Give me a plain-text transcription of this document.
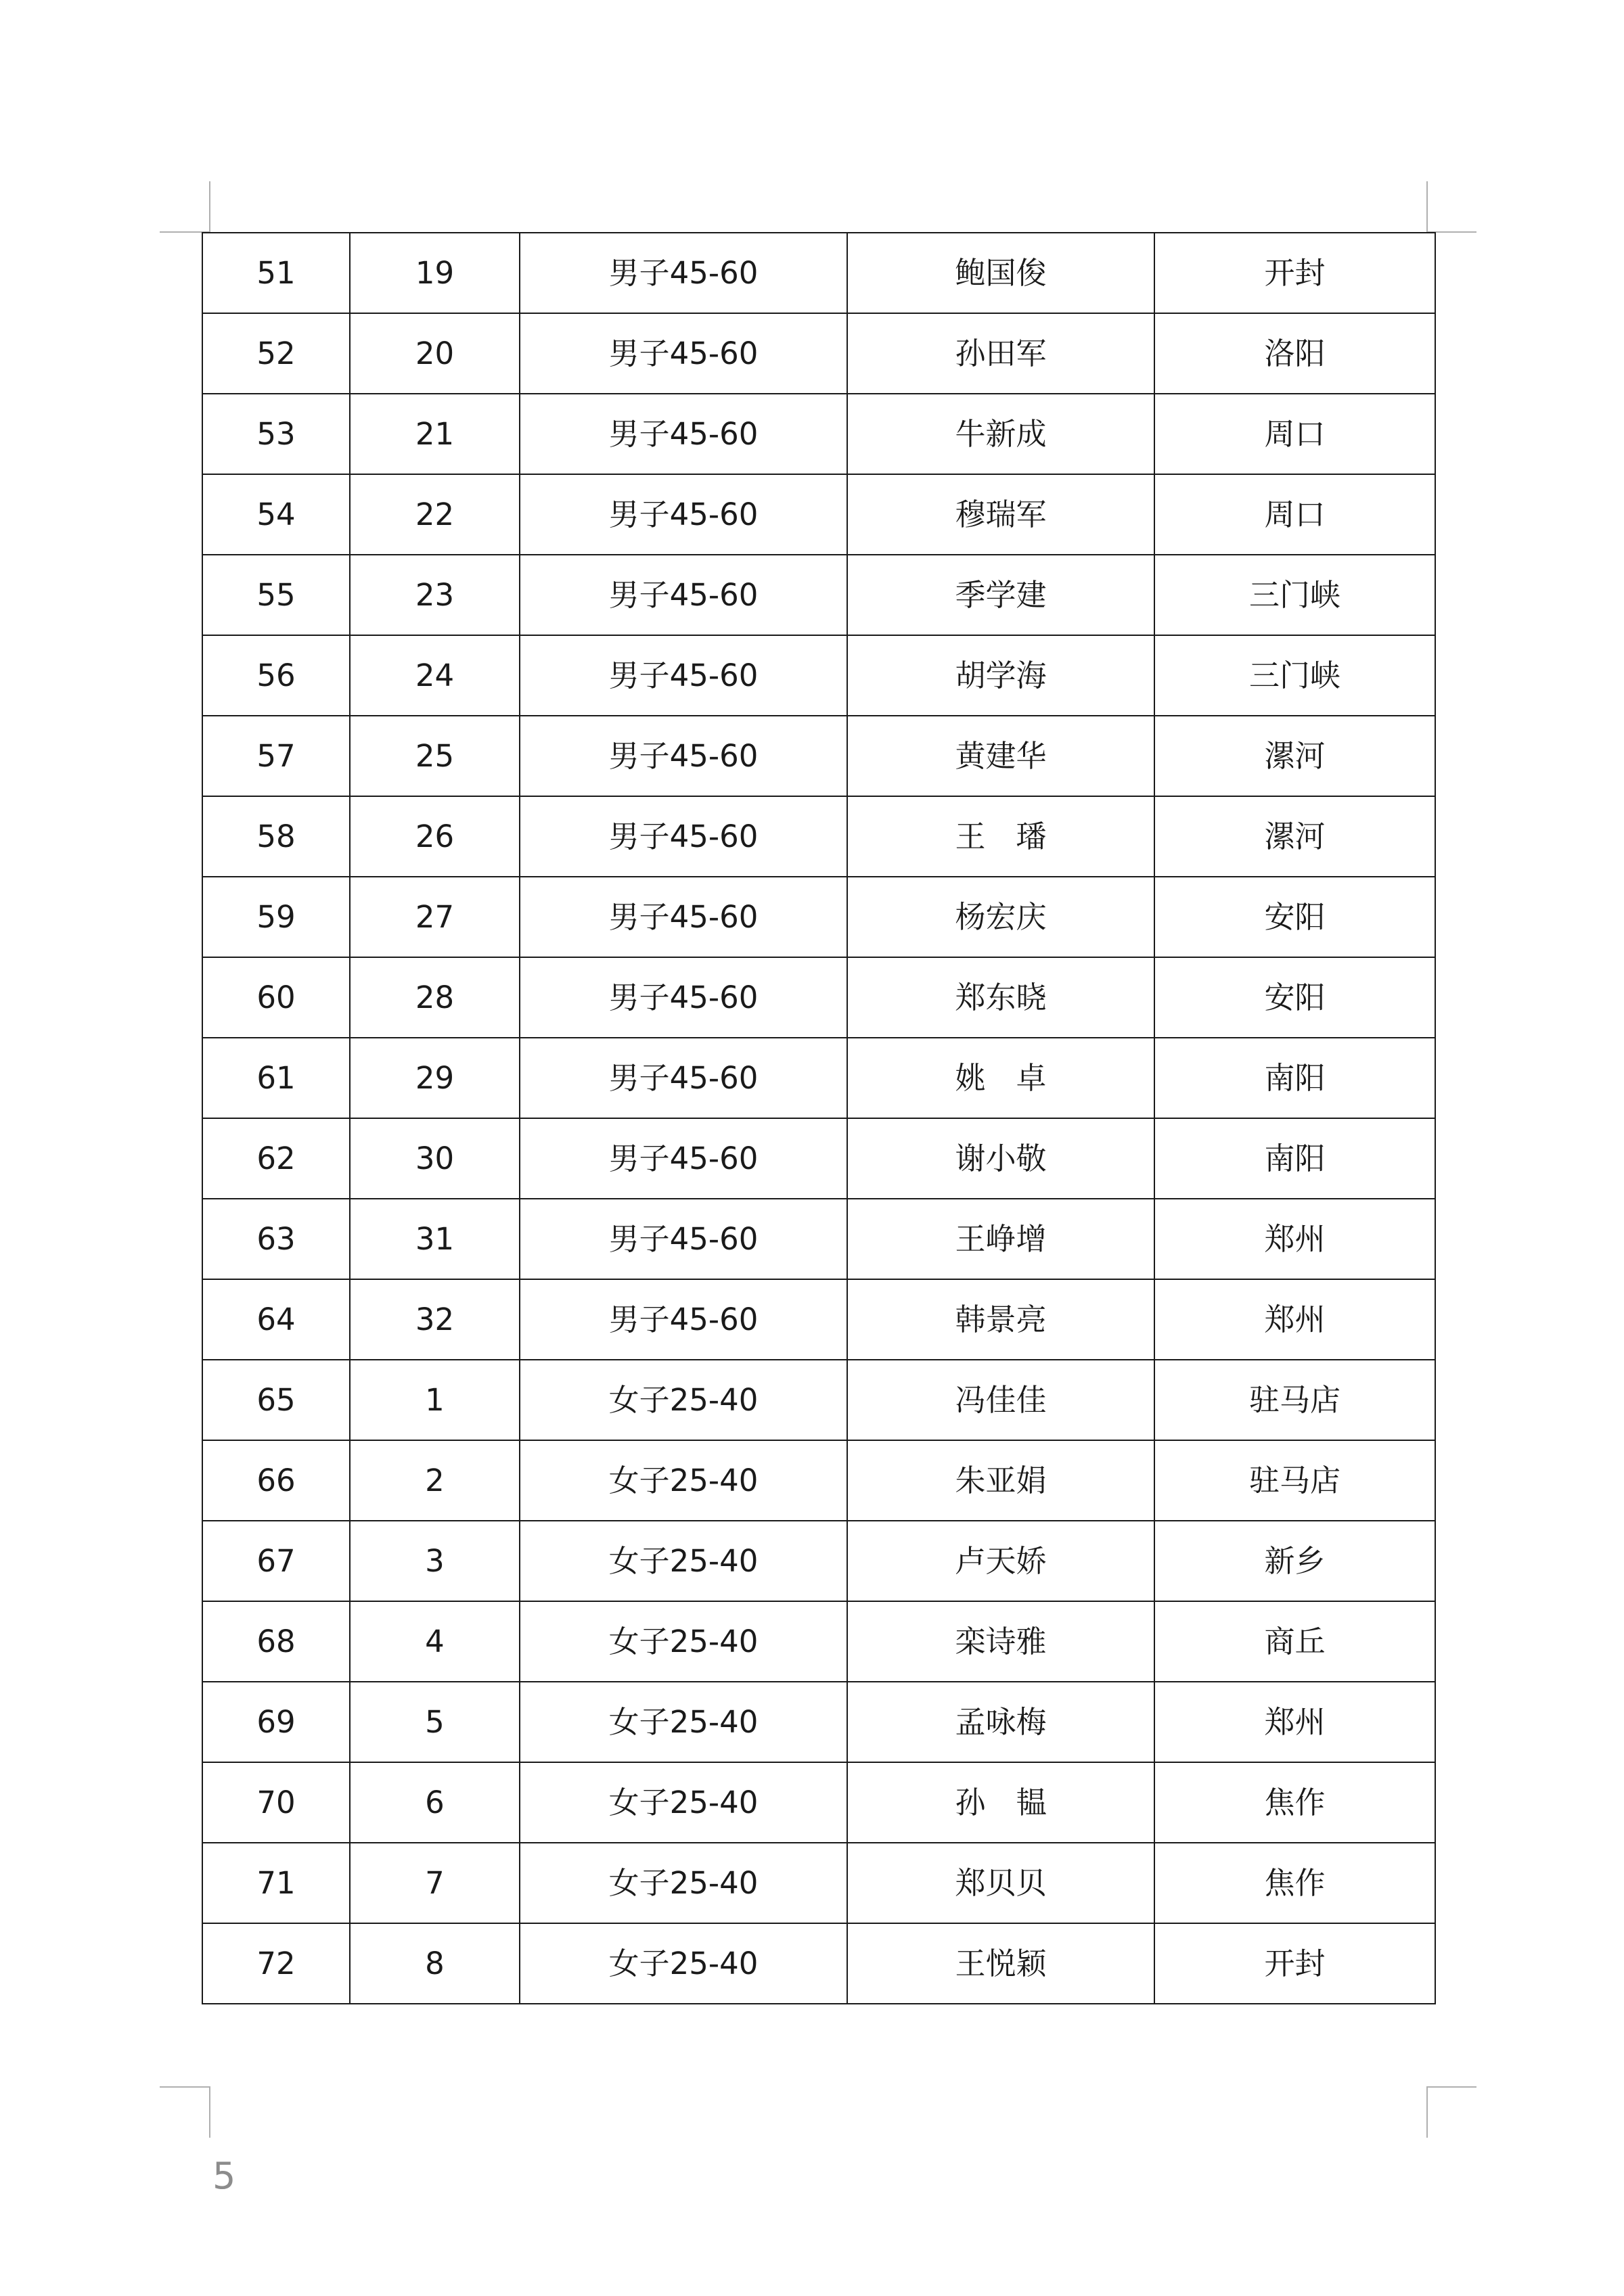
51	19	男子45-60	鲍国俊	开封
52	20	男子45-60	孙田军	洛阳
53	21	男子45-60	牛新成	周口
54	22	男子45-60	穆瑞军	周口
55	23	男子45-60	季学建	三门峡
56	24	男子45-60	胡学海	三门峡
57	25	男子45-60	黄建华	漯河
58	26	男子45-60	王　璠	漯河
59	27	男子45-60	杨宏庆	安阳
60	28	男子45-60	郑东晓	安阳
61	29	男子45-60	姚　卓	南阳
62	30	男子45-60	谢小敬	南阳
63	31	男子45-60	王峥增	郑州
64	32	男子45-60	韩景亮	郑州
65	1	女子25-40	冯佳佳	驻马店
66	2	女子25-40	朱亚娟	驻马店
67	3	女子25-40	卢天娇	新乡
68	4	女子25-40	栾诗雅	商丘
69	5	女子25-40	孟咏梅	郑州
70	6	女子25-40	孙　韫	焦作
71	7	女子25-40	郑贝贝	焦作
72	8	女子25-40	王悦颖	开封
5
